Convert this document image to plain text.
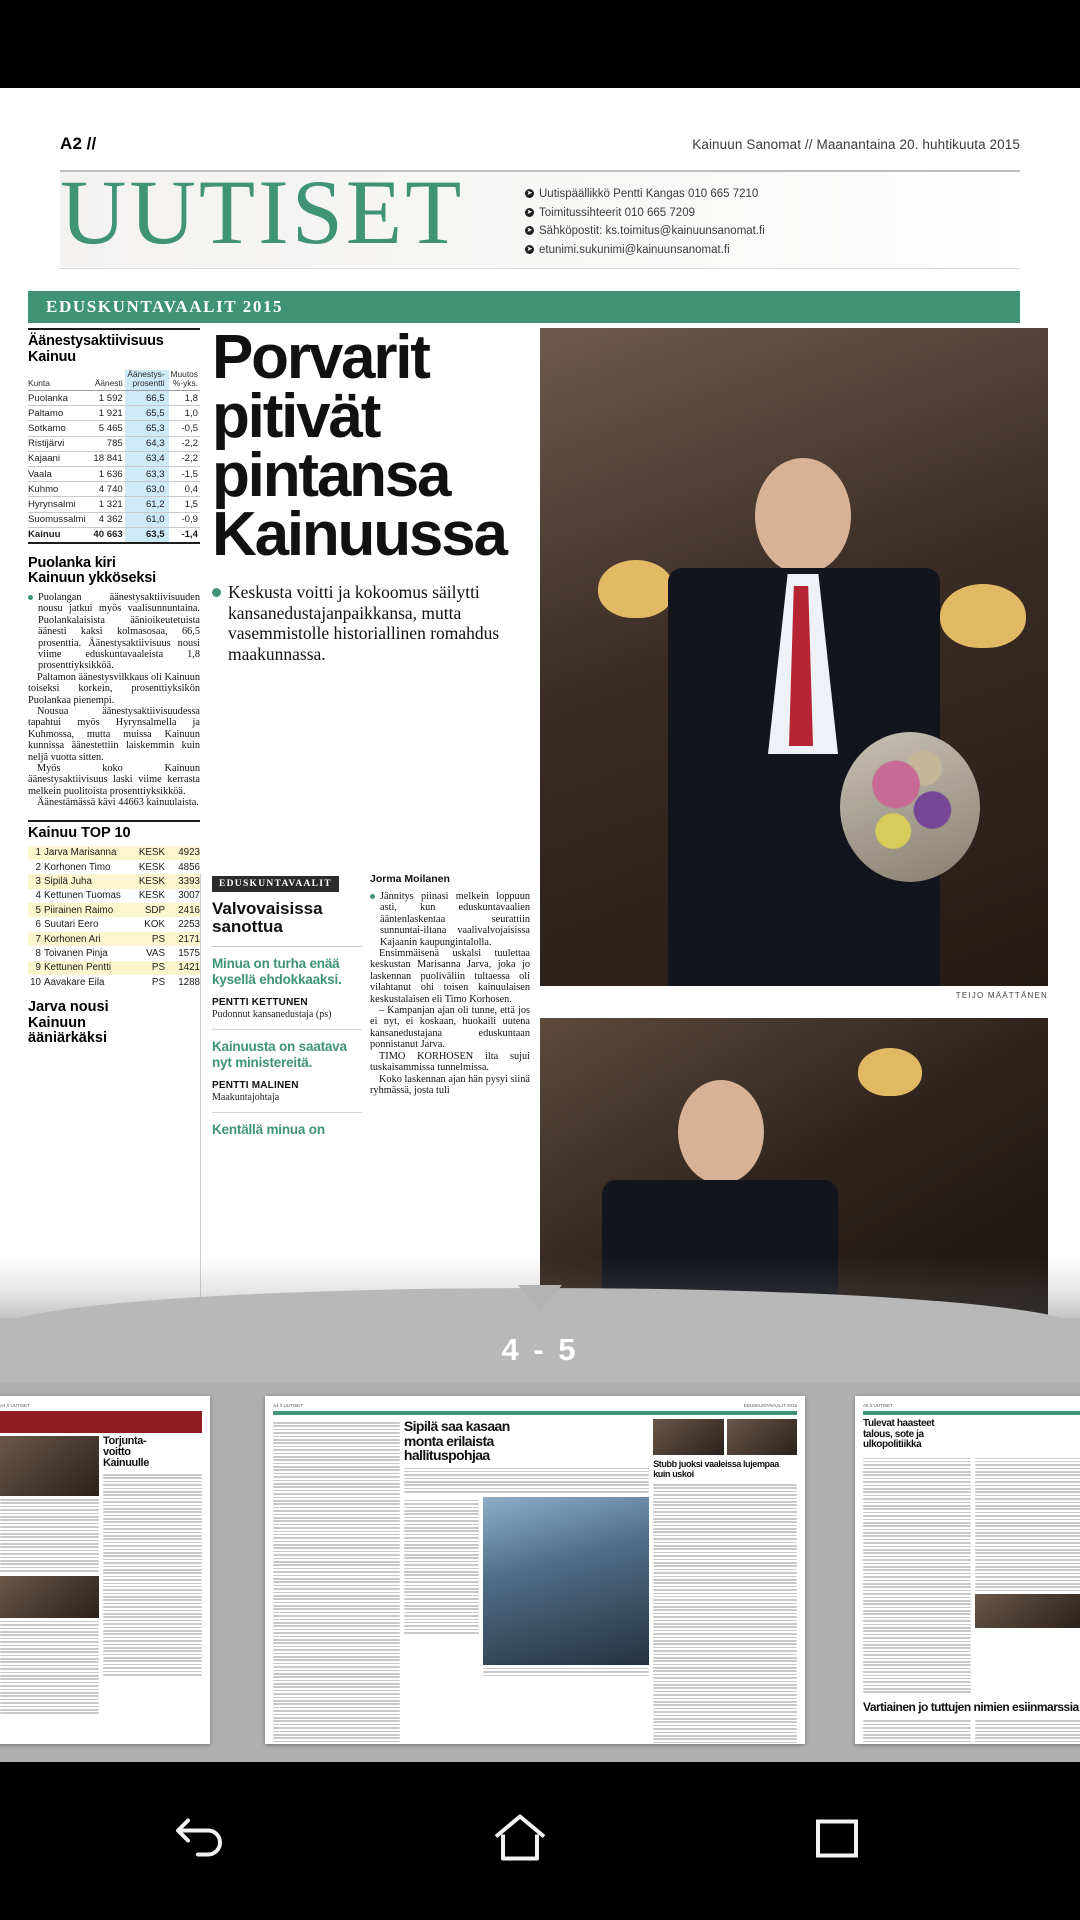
A2 //	Kainuun Sanomat // Maanantaina 20. huhtikuuta 2015
UUTISET	➤ Uutispäällikkö Pentti Kangas 010 665 7210
➤ Toimitussihteerit 010 665 7209
➤ Sähköpostit: ks.toimitus@kainuunsanomat.fi
➤ etunimi.sukunimi@kainuunsanomat.fi
EDUSKUNTAVAALIT 2015
Äänestysaktiivisuus
Kainuu
Kunta	Äänesti	Äänestys-
prosentti	Muutos
%-yks.
Puolanka	1 592	66,5	1,8
Paltamo	1 921	65,5	1,0
Sotkamo	5 465	65,3	-0,5
Ristijärvi	785	64,3	-2,2
Kajaani	18 841	63,4	-2,2
Vaala	1 636	63,3	-1,5
Kuhmo	4 740	63,0	0,4
Hyrynsalmi	1 321	61,2	1,5
Suomussalmi	4 362	61,0	-0,9
Kainuu	40 663	63,5	-1,4
Puolanka kiri
Kainuun ykköseksi

Puolangan äänestysaktiivisuuden nousu jatkui myös vaalisunnuntaina. Puolankalaisista äänioikeutetuista äänesti kaksi kolmasosaa, 66,5 prosenttia. Äänestysaktiivisuus nousi viime eduskuntavaaleista 1,8 prosenttiyksikköä.

Paltamon äänestysvilkkaus oli Kainuun toiseksi korkein, prosenttiyksikön Puolankaa pienempi.

Nousua äänestysaktiivisuudessa tapahtui myös Hyrynsalmella ja Kuhmossa, mutta muissa Kainuun kunnissa äänestettiin laiskemmin kuin neljä vuotta sitten.

Myös koko Kainuun äänestysaktiivisuus laski viime kerrasta melkein puolitoista prosenttiyksikköä.

Äänestämässä kävi 44663 kainuulaista.

Kainuu TOP 10
1	Jarva Marisanna	KESK	4923
2	Korhonen Timo	KESK	4856
3	Sipilä Juha	KESK	3393
4	Kettunen Tuomas	KESK	3007
5	Piirainen Raimo	SDP	2416
6	Suutari Eero	KOK	2253
7	Korhonen Ari	PS	2171
8	Toivanen Pinja	VAS	1575
9	Kettunen Pentti	PS	1421
10	Aavakare Eila	PS	1288
Jarva nousi
Kainuun
ääniärkäksi
Porvarit
pitivät
pintansa
Kainuussa
Keskusta voitti ja kokoomus säilytti kansanedustajanpaikkansa, mutta vasemmistolle historiallinen romahdus maakunnassa.
EDUSKUNTAVAALIT
Valvovaisissa
sanottua
Minua on turha enää kysellä ehdokkaaksi.
PENTTI KETTUNEN
Pudonnut kansanedustaja (ps)
Kainuusta on saatava nyt ministereitä.
PENTTI MALINEN
Maakuntajohtaja
Kentällä minua on
Jorma Moilanen

Jännitys piinasi melkein loppuun asti, kun eduskuntavaalien ääntenlaskentaa seurattiin sunnuntai-iltana vaalivalvojaisissa Kajaanin kaupungintalolla.

Ensimmäisenä uskalsi tuulettaa keskustan Marisanna Jarva, joka jo laskennan puoliväliin tultaessa oli vilahtanut ohi toisen kainuulaisen keskustalaisen eli Timo Korhosen.

– Kampanjan ajan oli tunne, että jos ei nyt, ei koskaan, huokaili uutena kansanedustajana eduskuntaan ponnistanut Jarva.

TIMO KORHOSEN ilta sujui tuskaisammissa tunnelmissa.

Koko laskennan ajan hän pysyi siinä ryhmässä, josta tuli

TEIJO MÄÄTTÄNEN
4 - 5
A4 // UUTISET
Torjunta-
voitto
Kainuulle
A4 // UUTISET	EDUSKUNTAVAALIT 2015
Sipilä saa kasaan
monta erilaista
hallituspohjaa
Stubb juoksi vaaleissa lujempaa kuin uskoi
A5 // UUTISET
Tulevat haasteet
talous, sote ja
ulkopolitiikka
Vartiainen jo tuttujen nimien esiinmarssia
